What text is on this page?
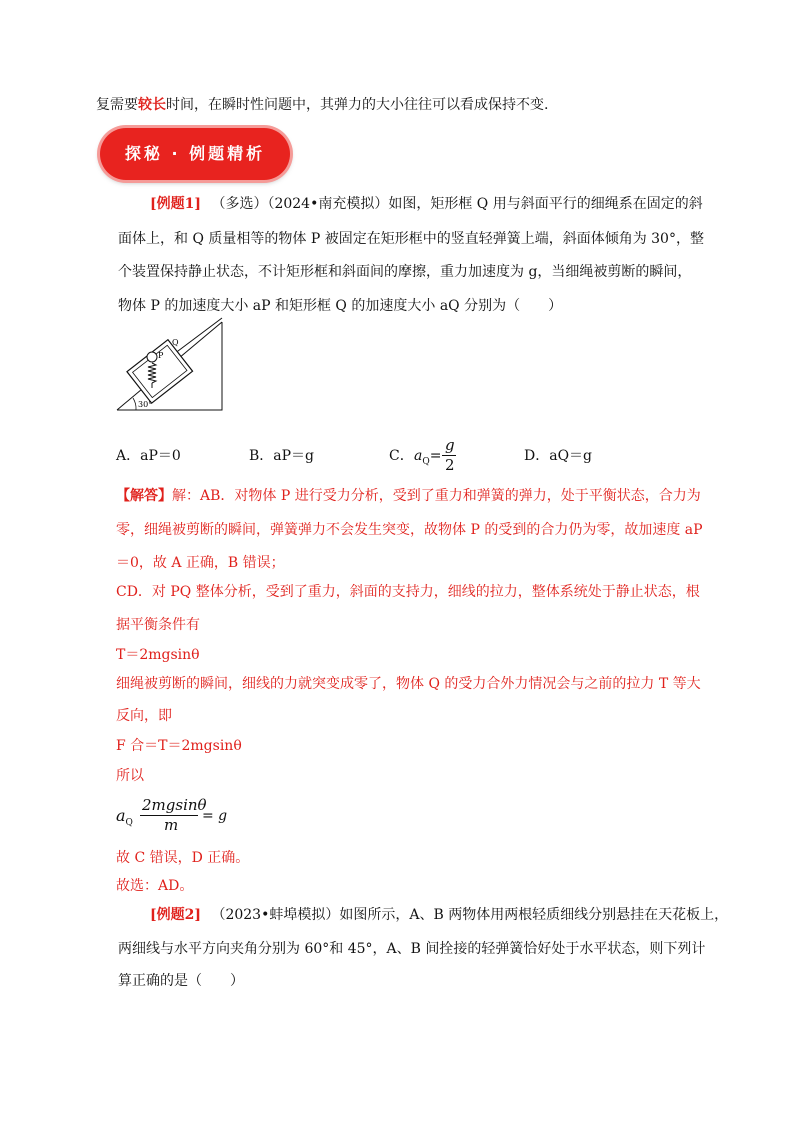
复需要较长时间，在瞬时性问题中，其弹力的大小往往可以看成保持不变.
探秘 · 例题精析
[例题1] （多选）（2024•南充模拟）如图，矩形框 Q 用与斜面平行的细绳系在固定的斜
面体上，和 Q 质量相等的物体 P 被固定在矩形框中的竖直轻弹簧上端，斜面体倾角为 30°，整
个装置保持静止状态，不计矩形框和斜面间的摩擦，重力加速度为 g，当细绳被剪断的瞬间，
物体 P 的加速度大小 aP 和矩形框 Q 的加速度大小 aQ 分别为（　　）
P
Q
30°
A．aP＝0	B．aP＝g	C． $a_Q=$
g
2	D．aQ＝g
【解答】解：AB．对物体 P 进行受力分析，受到了重力和弹簧的弹力，处于平衡状态，合力为
零，细绳被剪断的瞬间，弹簧弹力不会发生突变，故物体 P 的受到的合力仍为零，故加速度 aP
＝0，故 A 正确，B 错误；
CD．对 PQ 整体分析，受到了重力，斜面的支持力，细线的拉力，整体系统处于静止状态，根
据平衡条件有
T＝2mgsinθ
细绳被剪断的瞬间，细线的力就突变成零了，物体 Q 的受力合外力情况会与之前的拉力 T 等大
反向，即
F 合＝T＝2mgsinθ
所以
$a_Q$
2mgsinθ
m = g
故 C 错误，D 正确。
故选：AD。
[例题2] （2023•蚌埠模拟）如图所示，A、B 两物体用两根轻质细线分别悬挂在天花板上，
两细线与水平方向夹角分别为 60°和 45°，A、B 间拴接的轻弹簧恰好处于水平状态，则下列计
算正确的是（　　）
